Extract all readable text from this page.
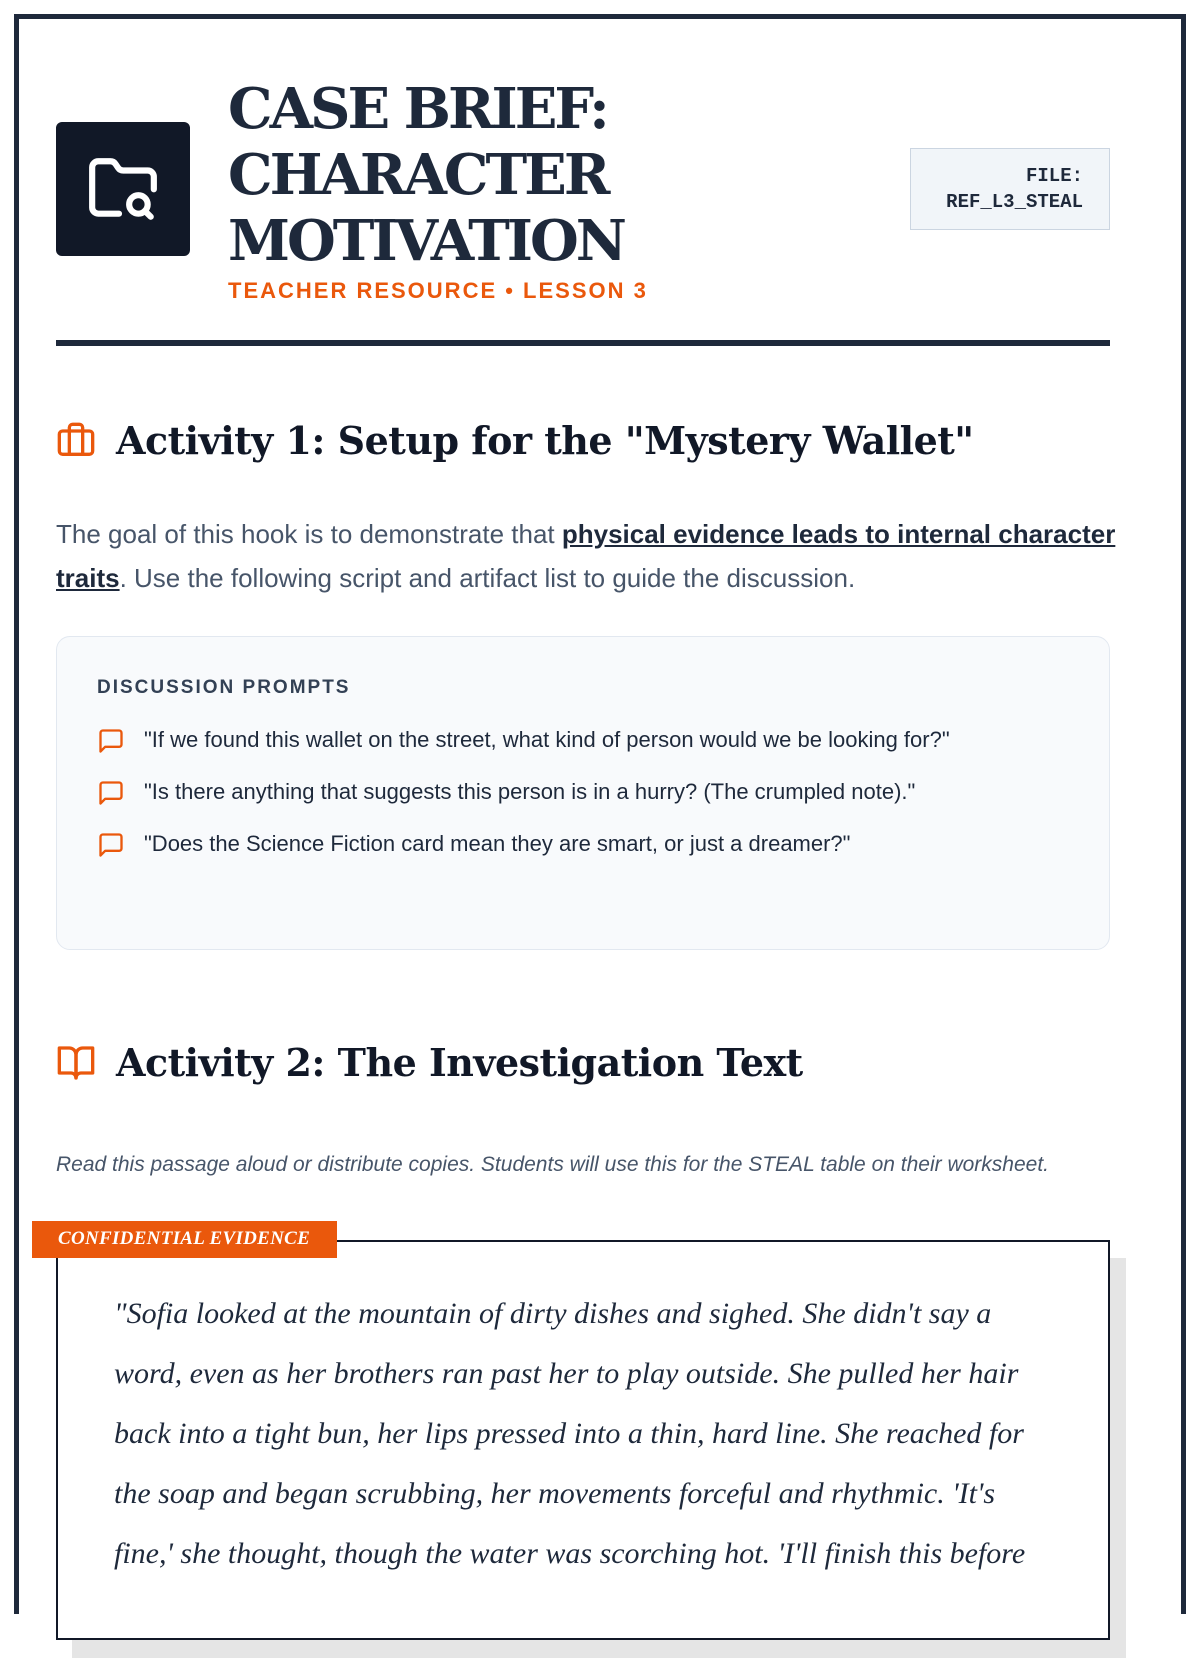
CASE BRIEF: CHARACTER MOTIVATION
TEACHER RESOURCE • LESSON 3
FILE:
REF_L3_STEAL
Activity 1: Setup for the "Mystery Wallet"
The goal of this hook is to demonstrate that physical evidence leads to internal character traits. Use the following script and artifact list to guide the discussion.
DISCUSSION PROMPTS
"If we found this wallet on the street, what kind of person would we be looking for?"
"Is there anything that suggests this person is in a hurry? (The crumpled note)."
"Does the Science Fiction card mean they are smart, or just a dreamer?"
Activity 2: The Investigation Text
Read this passage aloud or distribute copies. Students will use this for the STEAL table on their worksheet.
"Sofia looked at the mountain of dirty dishes and sighed. She didn't say a word, even as her brothers ran past her to play outside. She pulled her hair back into a tight bun, her lips pressed into a thin, hard line. She reached for the soap and began scrubbing, her movements forceful and rhythmic. 'It's fine,' she thought, though the water was scorching hot. 'I'll finish this before
CONFIDENTIAL EVIDENCE
